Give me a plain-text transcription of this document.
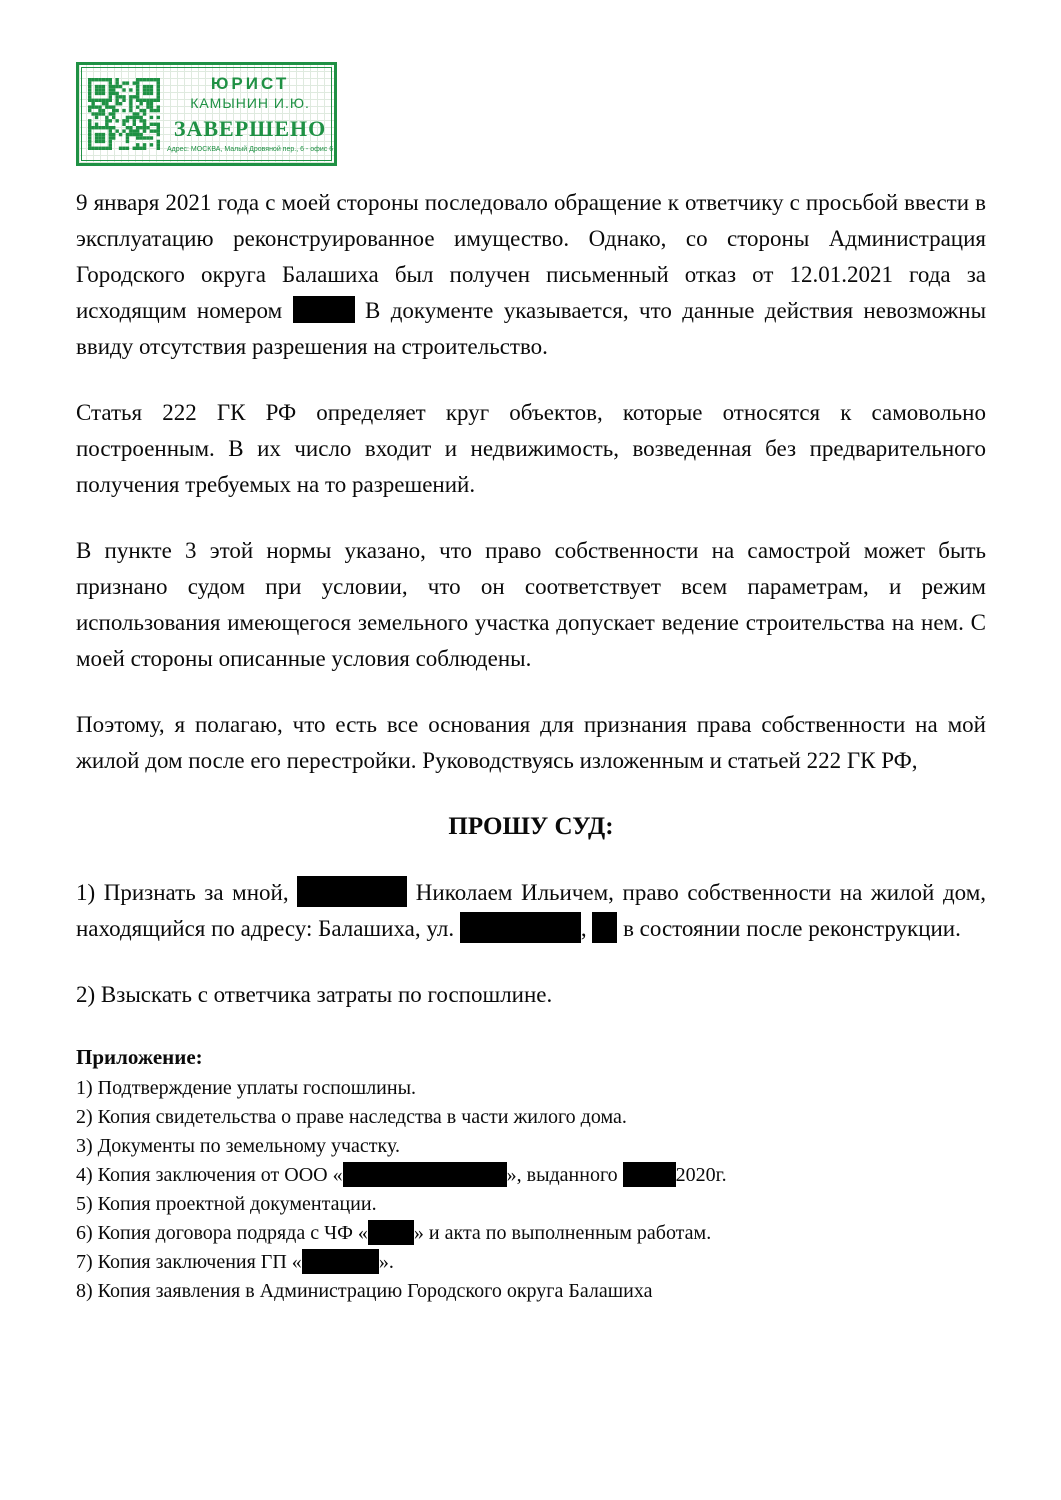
ЮРИСТ
КАМЫНИН И.Ю.
ЗАВЕРШЕНО
Адрес: МОСКВА, Малый Дровяной пер., 6 - офис 6

9 января 2021 года с моей стороны последовало обращение к ответчику с просьбой ввести в эксплуатацию реконструированное имущество. Однако, со стороны Администрация Городского округа Балашиха был получен письменный отказ от 12.01.2021 года за исходящим номером	В документе указывается, что данные действия невозможны ввиду отсутствия разрешения на строительство.

Статья 222 ГК РФ определяет круг объектов, которые относятся к самовольно построенным. В их число входит и недвижимость, возведенная без предварительного получения требуемых на то разрешений.

В пункте 3 этой нормы указано, что право собственности на самострой может быть признано судом при условии, что он соответствует всем параметрам, и режим использования имеющегося земельного участка допускает ведение строительства на нем. С моей стороны описанные условия соблюдены.

Поэтому, я полагаю, что есть все основания для признания права собственности на мой жилой дом после его перестройки. Руководствуясь изложенным и статьей 222 ГК РФ,

ПРОШУ СУД:

1) Признать за мной,	Николаем Ильичем, право собственности на жилой дом, находящийся по адресу: Балашиха, ул.	, в состоянии после реконструкции.

2) Взыскать с ответчика затраты по госпошлине.

Приложение:

1) Подтверждение уплаты госпошлины.

2) Копия свидетельства о праве наследства в части жилого дома.

3) Документы по земельному участку.

4) Копия заключения от ООО «	», выданного	2020г.

5) Копия проектной документации.

6) Копия договора подряда с ЧФ « » и акта по выполненным работам.

7) Копия заключения ГП «	».

8) Копия заявления в Администрацию Городского округа Балашиха
